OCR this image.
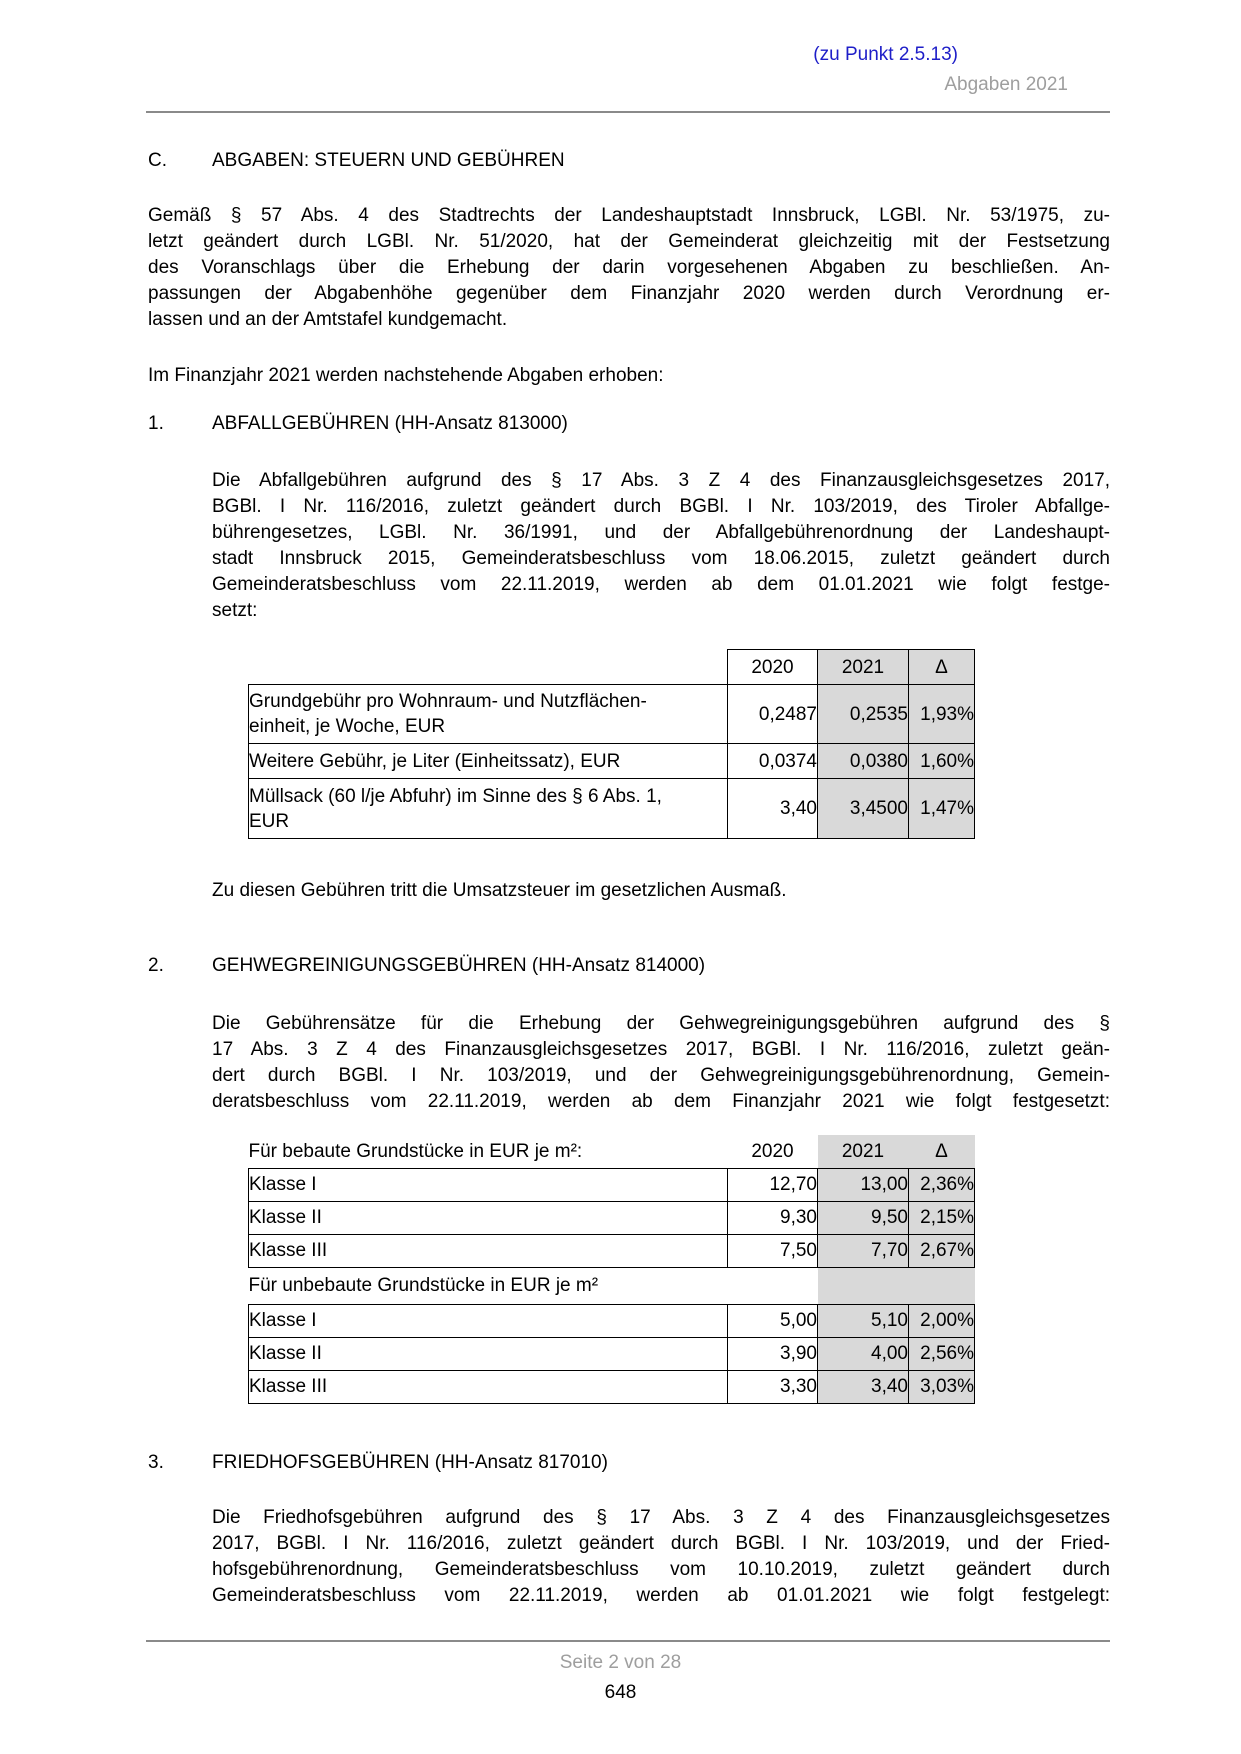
(zu Punkt 2.5.13)
Abgaben 2021
C. ABGABEN: STEUERN UND GEBÜHREN
Gemäß § 57 Abs. 4 des Stadtrechts der Landeshauptstadt Innsbruck, LGBl. Nr. 53/1975, zu-
letzt geändert durch LGBl. Nr. 51/2020, hat der Gemeinderat gleichzeitig mit der Festsetzung
des Voranschlags über die Erhebung der darin vorgesehenen Abgaben zu beschließen. An-
passungen der Abgabenhöhe gegenüber dem Finanzjahr 2020 werden durch Verordnung er-
lassen und an der Amtstafel kundgemacht.
Im Finanzjahr 2021 werden nachstehende Abgaben erhoben:
1.	ABFALLGEBÜHREN (HH-Ansatz 813000)
Die Abfallgebühren aufgrund des § 17 Abs. 3 Z 4 des Finanzausgleichsgesetzes 2017,
BGBl. I Nr. 116/2016, zuletzt geändert durch BGBl. I Nr. 103/2019, des Tiroler Abfallge-
bührengesetzes, LGBl. Nr. 36/1991, und der Abfallgebührenordnung der Landeshaupt-
stadt Innsbruck 2015, Gemeinderatsbeschluss vom 18.06.2015, zuletzt geändert durch
Gemeinderatsbeschluss vom 22.11.2019, werden ab dem 01.01.2021 wie folgt festge-
setzt:
	2020	2021	Δ

Grundgebühr pro Wohnraum- und Nutzflächen-
einheit, je Woche, EUR	0,2487	0,2535	1,93%

Weitere Gebühr, je Liter (Einheitssatz), EUR	0,0374	0,0380	1,60%

Müllsack (60 l/je Abfuhr) im Sinne des § 6 Abs. 1,
EUR	3,40	3,4500	1,47%
Zu diesen Gebühren tritt die Umsatzsteuer im gesetzlichen Ausmaß.
2.	GEHWEGREINIGUNGSGEBÜHREN (HH-Ansatz 814000)
Die Gebührensätze für die Erhebung der Gehwegreinigungsgebühren aufgrund des §
17 Abs. 3 Z 4 des Finanzausgleichsgesetzes 2017, BGBl. I Nr. 116/2016, zuletzt geän-
dert durch BGBl. I Nr. 103/2019, und der Gehwegreinigungsgebührenordnung, Gemein-
deratsbeschluss vom 22.11.2019, werden ab dem Finanzjahr 2021 wie folgt festgesetzt:
Für bebaute Grundstücke in EUR je m²:	2020	2021	Δ
Klasse I	12,70	13,00	2,36%
Klasse II	9,30	9,50	2,15%
Klasse III	7,50	7,70	2,67%
Für unbebaute Grundstücke in EUR je m²			
Klasse I	5,00	5,10	2,00%
Klasse II	3,90	4,00	2,56%
Klasse III	3,30	3,40	3,03%
3.	FRIEDHOFSGEBÜHREN (HH-Ansatz 817010)
Die Friedhofsgebühren aufgrund des § 17 Abs. 3 Z 4 des Finanzausgleichsgesetzes
2017, BGBl. I Nr. 116/2016, zuletzt geändert durch BGBl. I Nr. 103/2019, und der Fried-
hofsgebührenordnung, Gemeinderatsbeschluss vom 10.10.2019, zuletzt geändert durch
Gemeinderatsbeschluss vom 22.11.2019, werden ab 01.01.2021 wie folgt festgelegt:
Seite 2 von 28
648
